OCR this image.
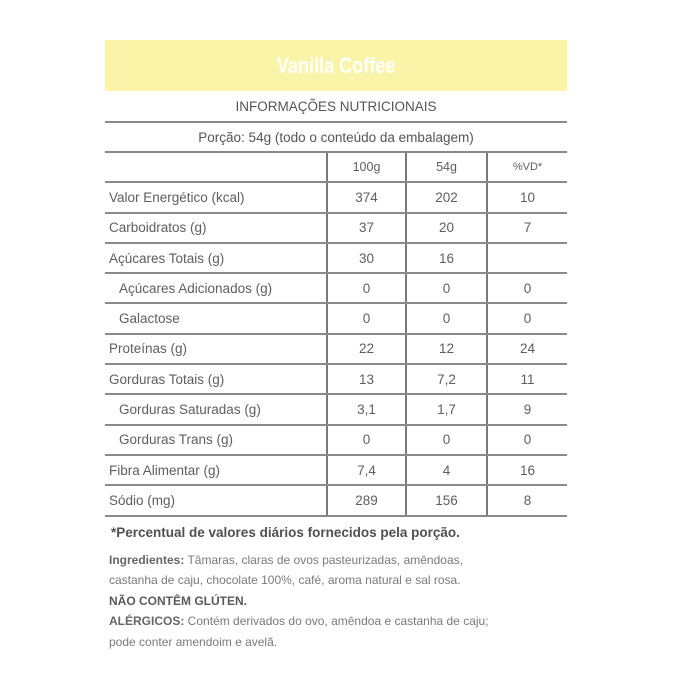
Vanilla Coffee
INFORMAÇÕES NUTRICIONAIS
Porção: 54g (todo o conteúdo da embalagem)
	100g	54g	%VD*
Valor Energético (kcal)	374	202	10
Carboidratos (g)	37	20	7
Açúcares Totais (g)	30	16	
Açúcares Adicionados (g)	0	0	0
Galactose	0	0	0
Proteínas (g)	22	12	24
Gorduras Totais (g)	13	7,2	11
Gorduras Saturadas (g)	3,1	1,7	9
Gorduras Trans (g)	0	0	0
Fibra Alimentar (g)	7,4	4	16
Sódio (mg)	289	156	8
*Percentual de valores diários fornecidos pela porção.
Ingredientes: Tâmaras, claras de ovos pasteurizadas, amêndoas,
castanha de caju, chocolate 100%, café, aroma natural e sal rosa.
NÃO CONTÊM GLÚTEN.
ALÉRGICOS: Contém derivados do ovo, amêndoa e castanha de caju;
pode conter amendoim e avelã.
